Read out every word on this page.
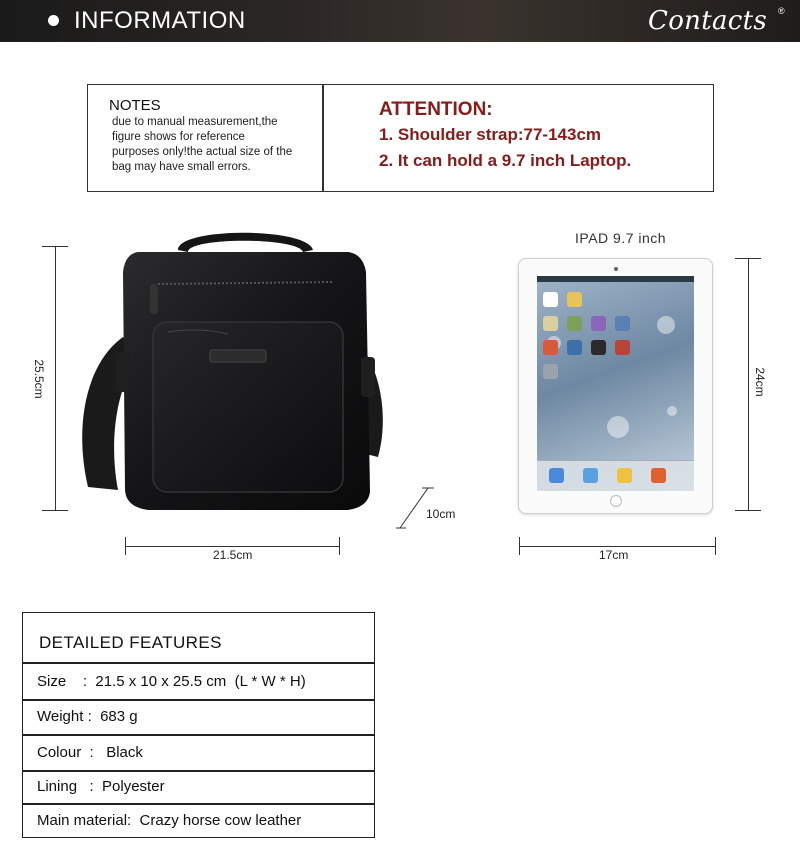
INFORMATION	Contacts ®
NOTES
due to manual measurement,the
figure shows for reference
purposes only!the actual size of the
bag may have small errors.
ATTENTION:
1. Shoulder strap:77-143cm
2. It can hold a 9.7 inch Laptop.
25.5cm
10cm
21.5cm
IPAD 9.7 inch
24cm
17cm
DETAILED FEATURES
Size    :  21.5 x 10 x 25.5 cm  (L * W * H)
Weight :  683 g
Colour  :   Black
Lining   :  Polyester
Main material:  Crazy horse cow leather
